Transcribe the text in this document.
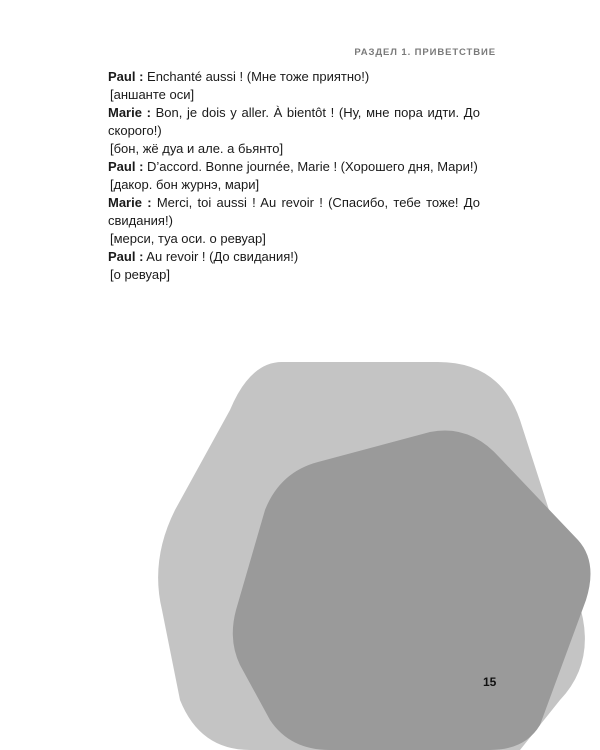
РАЗДЕЛ 1. ПРИВЕТСТВИЕ

Paul : Enchanté aussi ! (Мне тоже приятно!)

[аншанте оси]

Marie : Bon, je dois y aller. À bientôt ! (Ну, мне пора идти. До скорого!)

[бон, жё дуа и але. а бьянто]

Paul : D’accord. Bonne journée, Marie ! (Хорошего дня, Мари!)

[дакор. бон журнэ, мари]

Marie : Merci, toi aussi ! Au revoir ! (Спасибо, тебе тоже! До свидания!)

[мерси, туа оси. о ревуар]

Paul : Au revoir ! (До свидания!)

[о ревуар]

15
